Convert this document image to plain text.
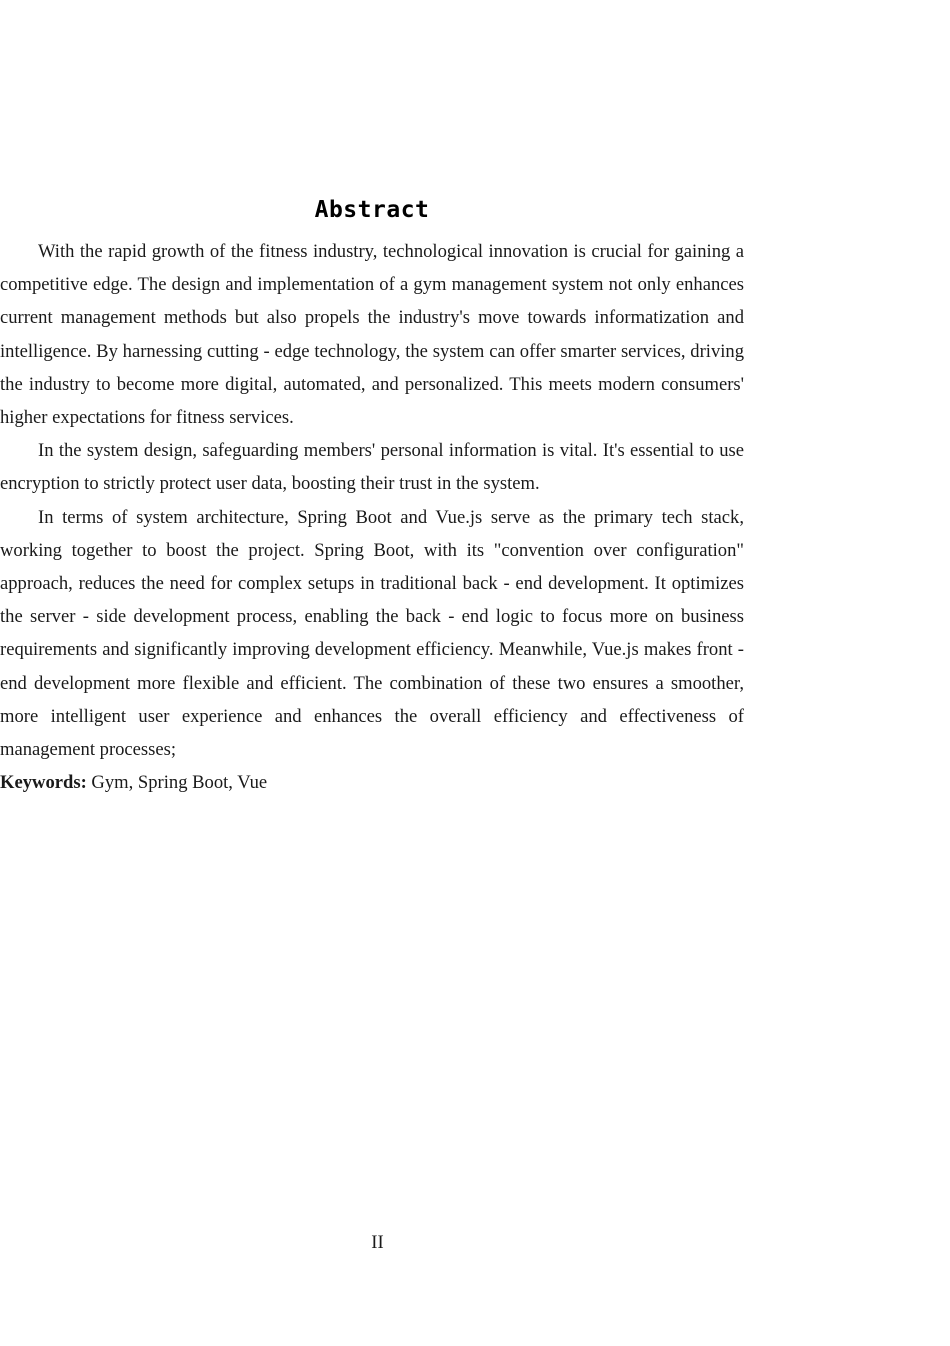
Abstract

With the rapid growth of the fitness industry, technological innovation is crucial for gaining a competitive edge. The design and implementation of a gym management system not only enhances current management methods but also propels the industry's move towards informatization and intelligence. By harnessing cutting - edge technology, the system can offer smarter services, driving the industry to become more digital, automated, and personalized. This meets modern consumers' higher expectations for fitness services.

In the system design, safeguarding members' personal information is vital. It's essential to use encryption to strictly protect user data, boosting their trust in the system.

In terms of system architecture, Spring Boot and Vue.js serve as the primary tech stack, working together to boost the project. Spring Boot, with its "convention over configuration" approach, reduces the need for complex setups in traditional back - end development. It optimizes the server - side development process, enabling the back - end logic to focus more on business requirements and significantly improving development efficiency. Meanwhile, Vue.js makes front - end development more flexible and efficient. The combination of these two ensures a smoother, more intelligent user experience and enhances the overall efficiency and effectiveness of management processes;

Keywords: Gym, Spring Boot, Vue

II
